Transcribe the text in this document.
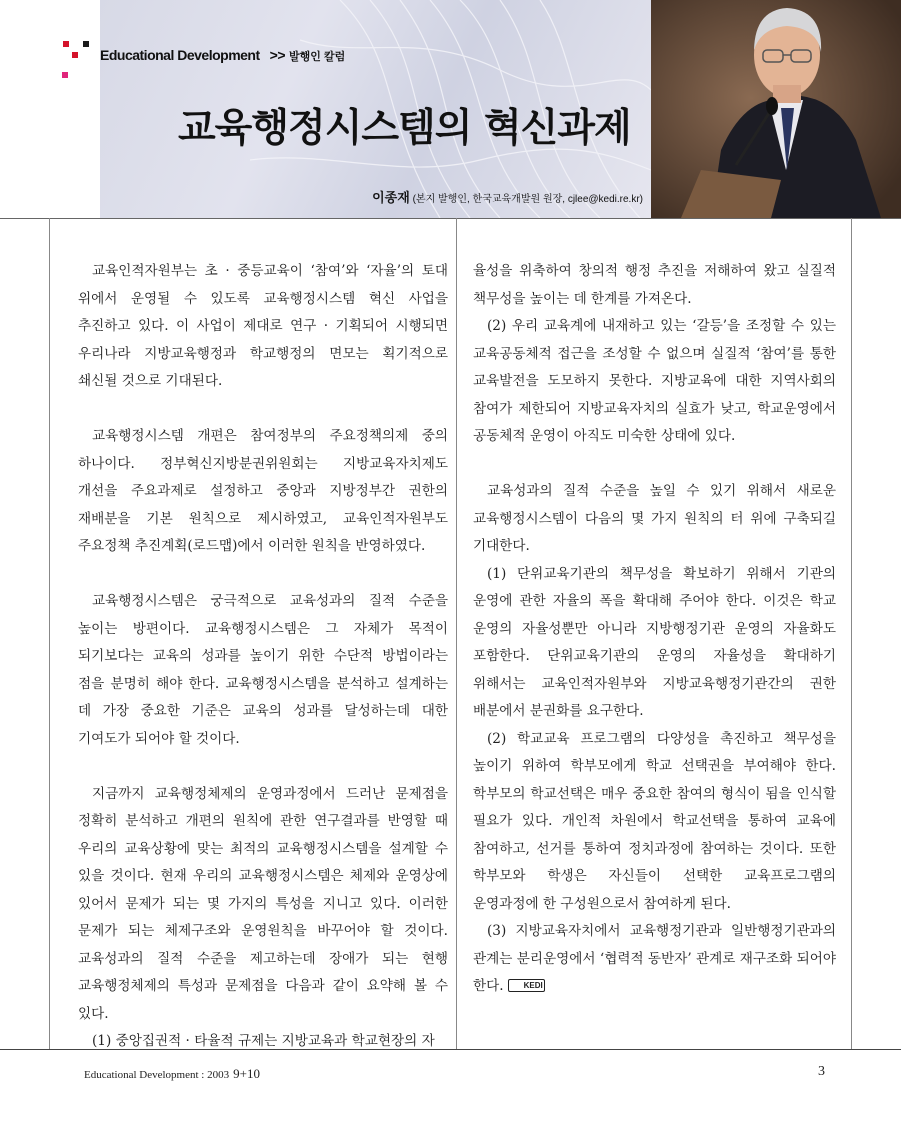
Educational Development >> 발행인 칼럼
교육행정시스템의 혁신과제
이종재 (본지 발행인, 한국교육개발원 원장, cjlee@kedi.re.kr)

교육인적자원부는 초 · 중등교육이 ‘참여’와 ‘자율’의 토대 위에서 운영될 수 있도록 교육행정시스템 혁신 사업을 추진하고 있다. 이 사업이 제대로 연구 · 기획되어 시행되면 우리나라 지방교육행정과 학교행정의 면모는 획기적으로 쇄신될 것으로 기대된다.

교육행정시스템 개편은 참여정부의 주요정책의제 중의 하나이다. 정부혁신지방분권위원회는 지방교육자치제도 개선을 주요과제로 설정하고 중앙과 지방정부간 권한의 재배분을 기본 원칙으로 제시하였고, 교육인적자원부도 주요정책 추진계획(로드맵)에서 이러한 원칙을 반영하였다.

교육행정시스템은 궁극적으로 교육성과의 질적 수준을 높이는 방편이다. 교육행정시스템은 그 자체가 목적이 되기보다는 교육의 성과를 높이기 위한 수단적 방법이라는 점을 분명히 해야 한다. 교육행정시스템을 분석하고 설계하는 데 가장 중요한 기준은 교육의 성과를 달성하는데 대한 기여도가 되어야 할 것이다.

지금까지 교육행정체제의 운영과정에서 드러난 문제점을 정확히 분석하고 개편의 원칙에 관한 연구결과를 반영할 때 우리의 교육상황에 맞는 최적의 교육행정시스템을 설계할 수 있을 것이다. 현재 우리의 교육행정시스템은 체제와 운영상에 있어서 문제가 되는 몇 가지의 특성을 지니고 있다. 이러한 문제가 되는 체제구조와 운영원칙을 바꾸어야 할 것이다. 교육성과의 질적 수준을 제고하는데 장애가 되는 현행 교육행정체제의 특성과 문제점을 다음과 같이 요약해 볼 수 있다.

(1) 중앙집권적 · 타율적 규제는 지방교육과 학교현장의 자

율성을 위축하여 창의적 행정 추진을 저해하여 왔고 실질적 책무성을 높이는 데 한계를 가져온다.

(2) 우리 교육계에 내재하고 있는 ‘갈등’을 조정할 수 있는 교육공동체적 접근을 조성할 수 없으며 실질적 ‘참여’를 통한 교육발전을 도모하지 못한다. 지방교육에 대한 지역사회의 참여가 제한되어 지방교육자치의 실효가 낮고, 학교운영에서 공동체적 운영이 아직도 미숙한 상태에 있다.

교육성과의 질적 수준을 높일 수 있기 위해서 새로운 교육행정시스템이 다음의 몇 가지 원칙의 터 위에 구축되길 기대한다.

(1) 단위교육기관의 책무성을 확보하기 위해서 기관의 운영에 관한 자율의 폭을 확대해 주어야 한다. 이것은 학교 운영의 자율성뿐만 아니라 지방행정기관 운영의 자율화도 포함한다. 단위교육기관의 운영의 자율성을 확대하기 위해서는 교육인적자원부와 지방교육행정기관간의 권한 배분에서 분권화를 요구한다.

(2) 학교교육 프로그램의 다양성을 촉진하고 책무성을 높이기 위하여 학부모에게 학교 선택권을 부여해야 한다. 학부모의 학교선택은 매우 중요한 참여의 형식이 됨을 인식할 필요가 있다. 개인적 차원에서 학교선택을 통하여 교육에 참여하고, 선거를 통하여 정치과정에 참여하는 것이다. 또한 학부모와 학생은 자신들이 선택한 교육프로그램의 운영과정에 한 구성원으로서 참여하게 된다.

(3) 지방교육자치에서 교육행정기관과 일반행정기관과의 관계는 분리운영에서 ‘협력적 동반자’ 관계로 재구조화 되어야 한다.	KEDI

Educational Development : 2003 9+10	3
